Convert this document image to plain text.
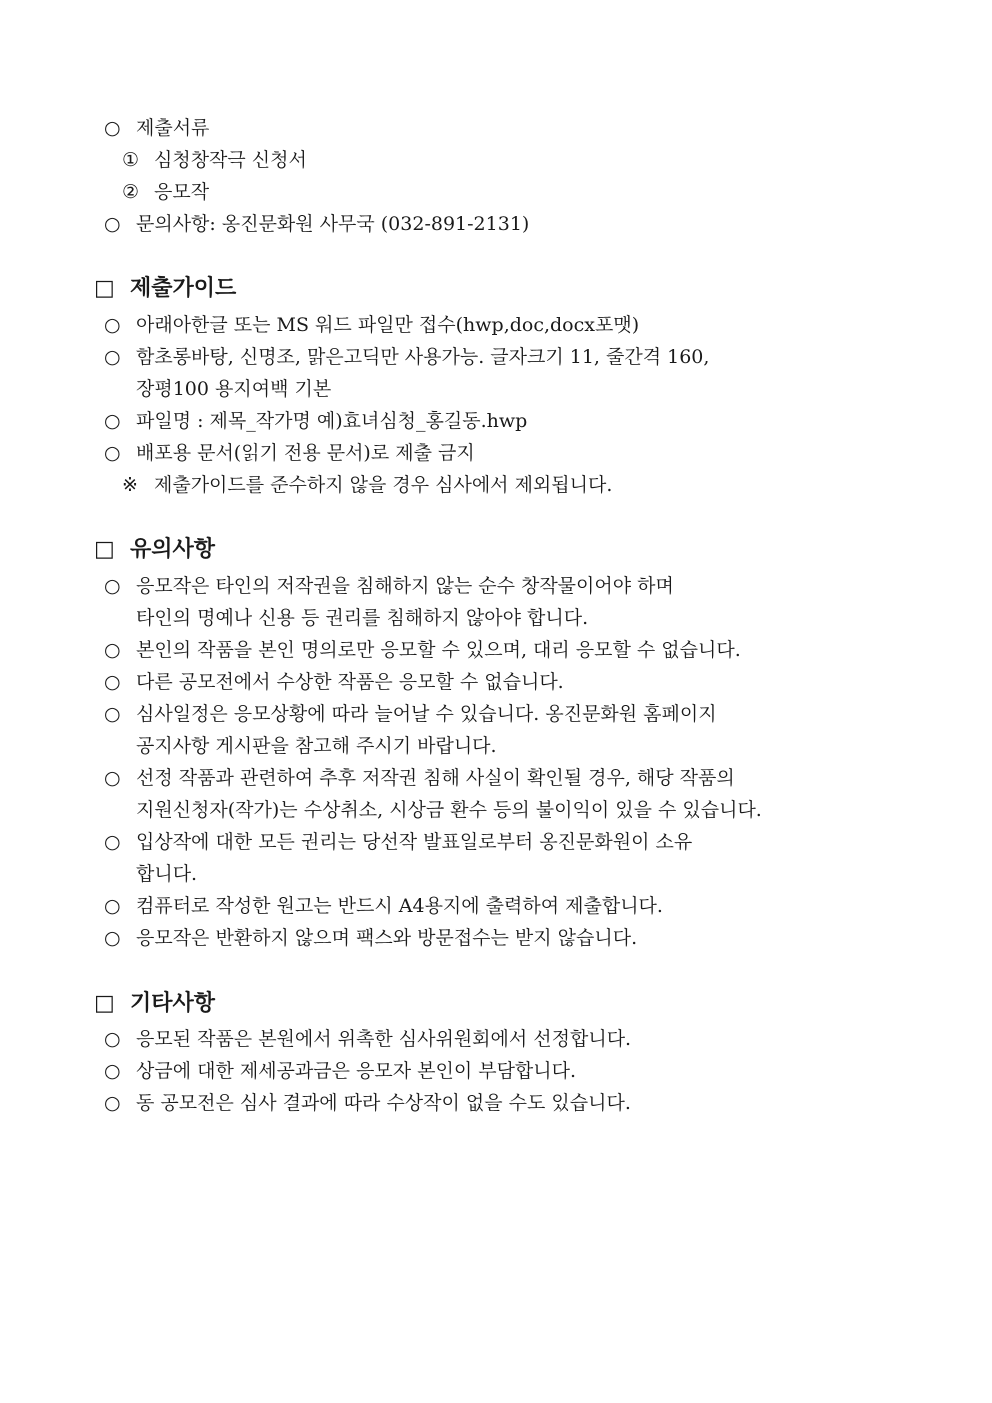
○ 제출서류
① 심청창작극 신청서
② 응모작
○ 문의사항: 옹진문화원 사무국 (032-891-2131)
□ 제출가이드
○ 아래아한글 또는 MS 워드 파일만 접수(hwp,doc,docx포맷)
○ 함초롱바탕, 신명조, 맑은고딕만 사용가능. 글자크기 11, 줄간격 160,
장평100 용지여백 기본
○ 파일명 : 제목_작가명 예)효녀심청_홍길동.hwp
○ 배포용 문서(읽기 전용 문서)로 제출 금지
※ 제출가이드를 준수하지 않을 경우 심사에서 제외됩니다.
□ 유의사항
○ 응모작은 타인의 저작권을 침해하지 않는 순수 창작물이어야 하며
타인의 명예나 신용 등 권리를 침해하지 않아야 합니다.
○ 본인의 작품을 본인 명의로만 응모할 수 있으며, 대리 응모할 수 없습니다.
○ 다른 공모전에서 수상한 작품은 응모할 수 없습니다.
○ 심사일정은 응모상황에 따라 늘어날 수 있습니다. 옹진문화원 홈페이지
공지사항 게시판을 참고해 주시기 바랍니다.
○ 선정 작품과 관련하여 추후 저작권 침해 사실이 확인될 경우, 해당 작품의
지원신청자(작가)는 수상취소, 시상금 환수 등의 불이익이 있을 수 있습니다.
○ 입상작에 대한 모든 권리는 당선작 발표일로부터 옹진문화원이 소유
합니다.
○ 컴퓨터로 작성한 원고는 반드시 A4용지에 출력하여 제출합니다.
○ 응모작은 반환하지 않으며 팩스와 방문접수는 받지 않습니다.
□ 기타사항
○ 응모된 작품은 본원에서 위촉한 심사위원회에서 선정합니다.
○ 상금에 대한 제세공과금은 응모자 본인이 부담합니다.
○ 동 공모전은 심사 결과에 따라 수상작이 없을 수도 있습니다.
